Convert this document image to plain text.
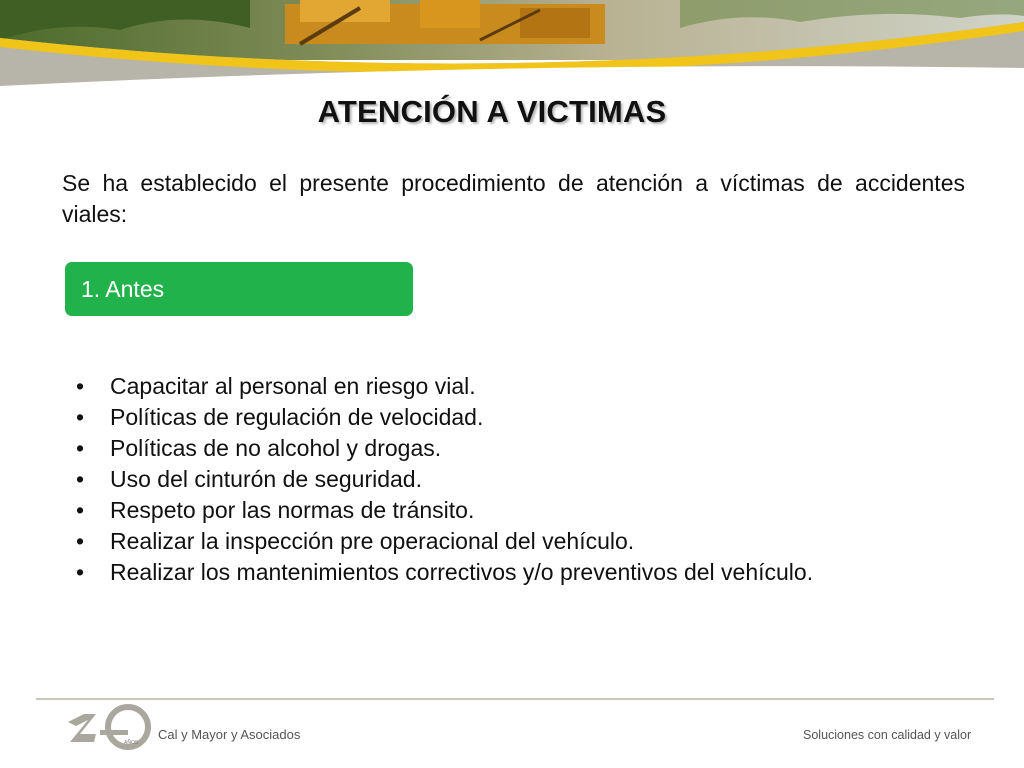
ATENCIÓN A VICTIMAS
Se ha establecido el presente procedimiento de atención a víctimas de accidentes viales:
1. Antes
•	Capacitar al personal en riesgo vial.
•	Políticas de regulación de velocidad.
•	Políticas de no alcohol y drogas.
•	Uso del cinturón de seguridad.
•	Respeto por las normas de tránsito.
•	Realizar la inspección pre operacional del vehículo.
•	Realizar los mantenimientos correctivos y/o preventivos del vehículo.
AÑOS
Cal y Mayor y Asociados	Soluciones con calidad y valor
